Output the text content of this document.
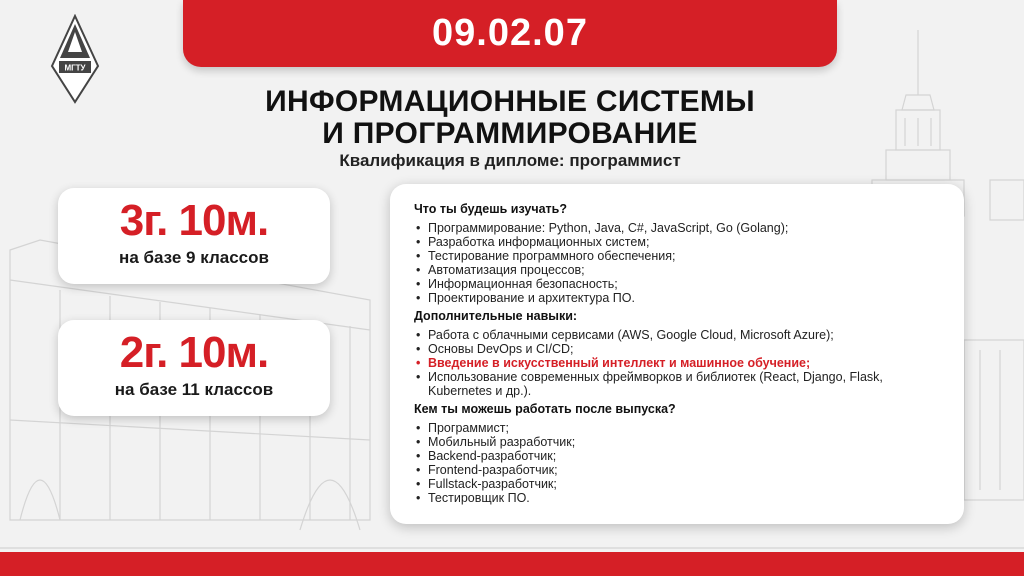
МГТУ
09.02.07
ИНФОРМАЦИОННЫЕ СИСТЕМЫ
И ПРОГРАММИРОВАНИЕ
Квалификация в дипломе: программист
3г. 10м.
на базе 9 классов
2г. 10м.
на базе 11 классов
Что ты будешь изучать?
• Программирование: Python, Java, C#, JavaScript, Go (Golang);
• Разработка информационных систем;
• Тестирование программного обеспечения;
• Автоматизация процессов;
• Информационная безопасность;
• Проектирование и архитектура ПО.
Дополнительные навыки:
• Работа с облачными сервисами (AWS, Google Cloud, Microsoft Azure);
• Основы DevOps и CI/CD;
• Введение в искусственный интеллект и машинное обучение;
• Использование современных фреймворков и библиотек (React, Django, Flask, Kubernetes и др.).
Кем ты можешь работать после выпуска?
• Программист;
• Мобильный разработчик;
• Backend-разработчик;
• Frontend-разработчик;
• Fullstack-разработчик;
• Тестировщик ПО.
